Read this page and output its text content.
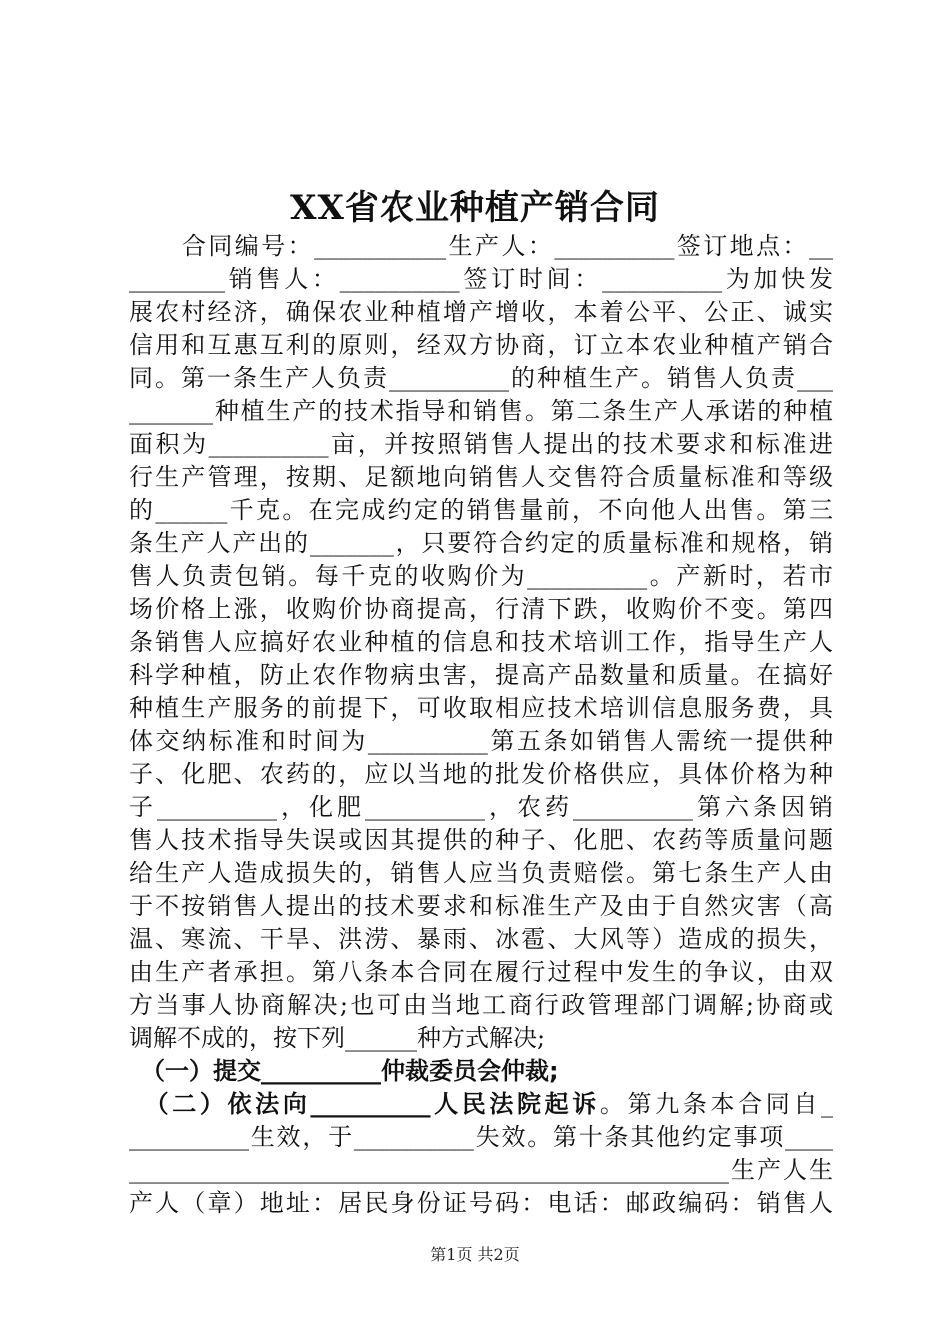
XX省农业种植产销合同
　　合同编号：___________生产人：__________签订地点：__
________销售人：__________签订时间：__________为加快发
展农村经济，确保农业种植增产增收，本着公平、公正、诚实
信用和互惠互利的原则，经双方协商，订立本农业种植产销合
同。第一条生产人负责__________的种植生产。销售人负责___
_______种植生产的技术指导和销售。第二条生产人承诺的种植
面积为__________亩，并按照销售人提出的技术要求和标准进
行生产管理，按期、足额地向销售人交售符合质量标准和等级
的______千克。在完成约定的销售量前，不向他人出售。第三
条生产人产出的_______，只要符合约定的质量标准和规格，销
售人负责包销。每千克的收购价为__________。产新时，若市
场价格上涨，收购价协商提高，行清下跌，收购价不变。第四
条销售人应搞好农业种植的信息和技术培训工作，指导生产人
科学种植，防止农作物病虫害，提高产品数量和质量。在搞好
种植生产服务的前提下，可收取相应技术培训信息服务费，具
体交纳标准和时间为__________第五条如销售人需统一提供种
子、化肥、农药的，应以当地的批发价格供应，具体价格为种
子__________，化肥__________，农药__________第六条因销
售人技术指导失误或因其提供的种子、化肥、农药等质量问题
给生产人造成损失的，销售人应当负责赔偿。第七条生产人由
于不按销售人提出的技术要求和标准生产及由于自然灾害（高
温、寒流、干旱、洪涝、暴雨、冰雹、大风等）造成的损失，
由生产者承担。第八条本合同在履行过程中发生的争议，由双
方当事人协商解决;也可由当地工商行政管理部门调解;协商或
调解不成的，按下列______种方式解决;
　（一）提交__________仲裁委员会仲裁;
　（二）依法向__________人民法院起诉。第九条本合同自_
__________生效，于__________失效。第十条其他约定事项____
__________________________________________________生产人生
产人（章）地址：居民身份证号码：电话：邮政编码：销售人
第1页 共2页
